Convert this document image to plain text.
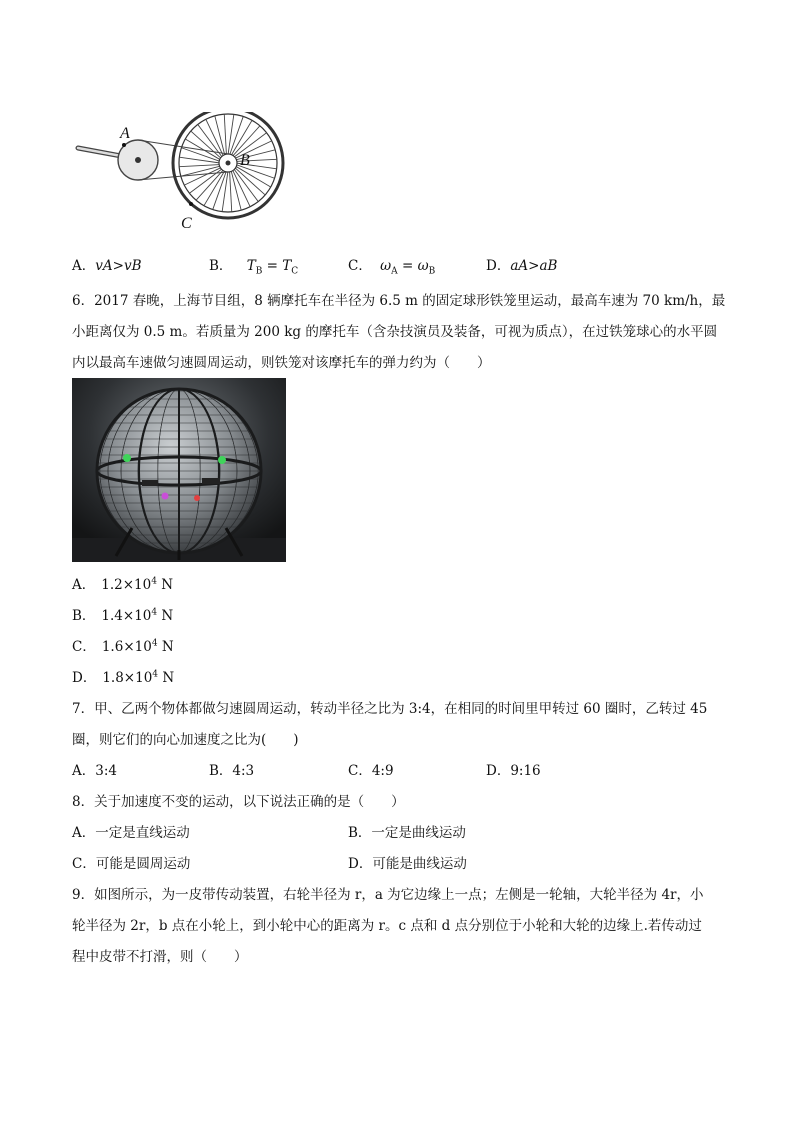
A
B
C
A．vA>vB	B． $T_B = T_C$	C． $\omega_A = \omega_B$	D．aA>aB
6．2017 春晚，上海节目组，8 辆摩托车在半径为 6.5 m 的固定球形铁笼里运动，最高车速为 70 km/h，最
小距离仅为 0.5 m。若质量为 200 kg 的摩托车（含杂技演员及装备，可视为质点），在过铁笼球心的水平圆
内以最高车速做匀速圆周运动，则铁笼对该摩托车的弹力约为（　　）
A． $1.2\times 10^4$ N
B． $1.4\times 10^4$ N
C． $1.6\times 10^4$ N
D． $1.8\times 10^4$ N
7．甲、乙两个物体都做匀速圆周运动，转动半径之比为 3:4，在相同的时间里甲转过 60 圈时，乙转过 45
圈，则它们的向心加速度之比为(　　)
A．3:4	B．4:3	C．4:9	D．9:16
8．关于加速度不变的运动，以下说法正确的是（　　）
A．一定是直线运动	B．一定是曲线运动
C．可能是圆周运动	D．可能是曲线运动
9．如图所示，为一皮带传动装置，右轮半径为 r，a 为它边缘上一点；左侧是一轮轴，大轮半径为 4r，小
轮半径为 2r，b 点在小轮上，到小轮中心的距离为 r。c 点和 d 点分别位于小轮和大轮的边缘上.若传动过
程中皮带不打滑，则（　　）
